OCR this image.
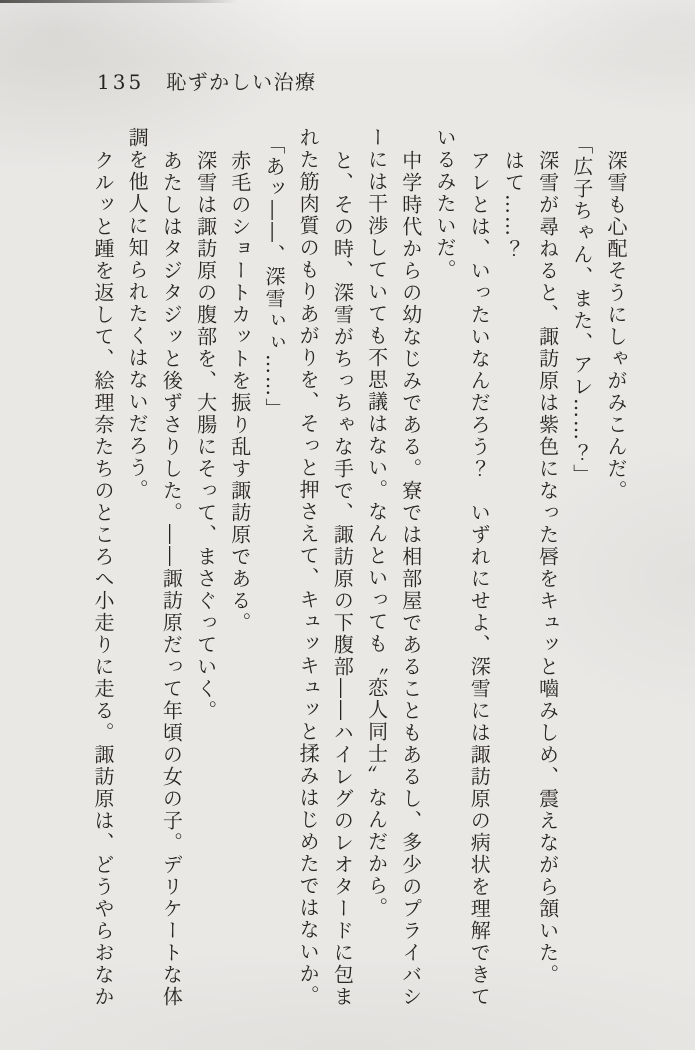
135 恥ずかしい治療
深雪も心配そうにしゃがみこんだ。
「広子ちゃん、また、アレ……？」
深雪が尋ねると、諏訪原は紫色になった唇をキュッと嚙みしめ、震えながら頷いた。
はて……？
アレとは、いったいなんだろう？　いずれにせよ、深雪には諏訪原の病状を理解できて
いるみたいだ。
中学時代からの幼なじみである。寮では相部屋であることもあるし、多少のプライバシ
ーには干渉していても不思議はない。なんといっても〝恋人同士〟なんだから。
と、その時、深雪がちっちゃな手で、諏訪原の下腹部――ハイレグのレオタードに包ま
れた筋肉質のもりあがりを、そっと押さえて、キュッキュッと揉みはじめたではないか。
「あッ――、深雪ぃぃ……」
赤毛のショートカットを振り乱す諏訪原である。
深雪は諏訪原の腹部を、大腸にそって、まさぐっていく。
あたしはタジタジッと後ずさりした。――諏訪原だって年頃の女の子。デリケートな体
調を他人に知られたくはないだろう。
クルッと踵を返して、絵理奈たちのところへ小走りに走る。諏訪原は、どうやらおなか
